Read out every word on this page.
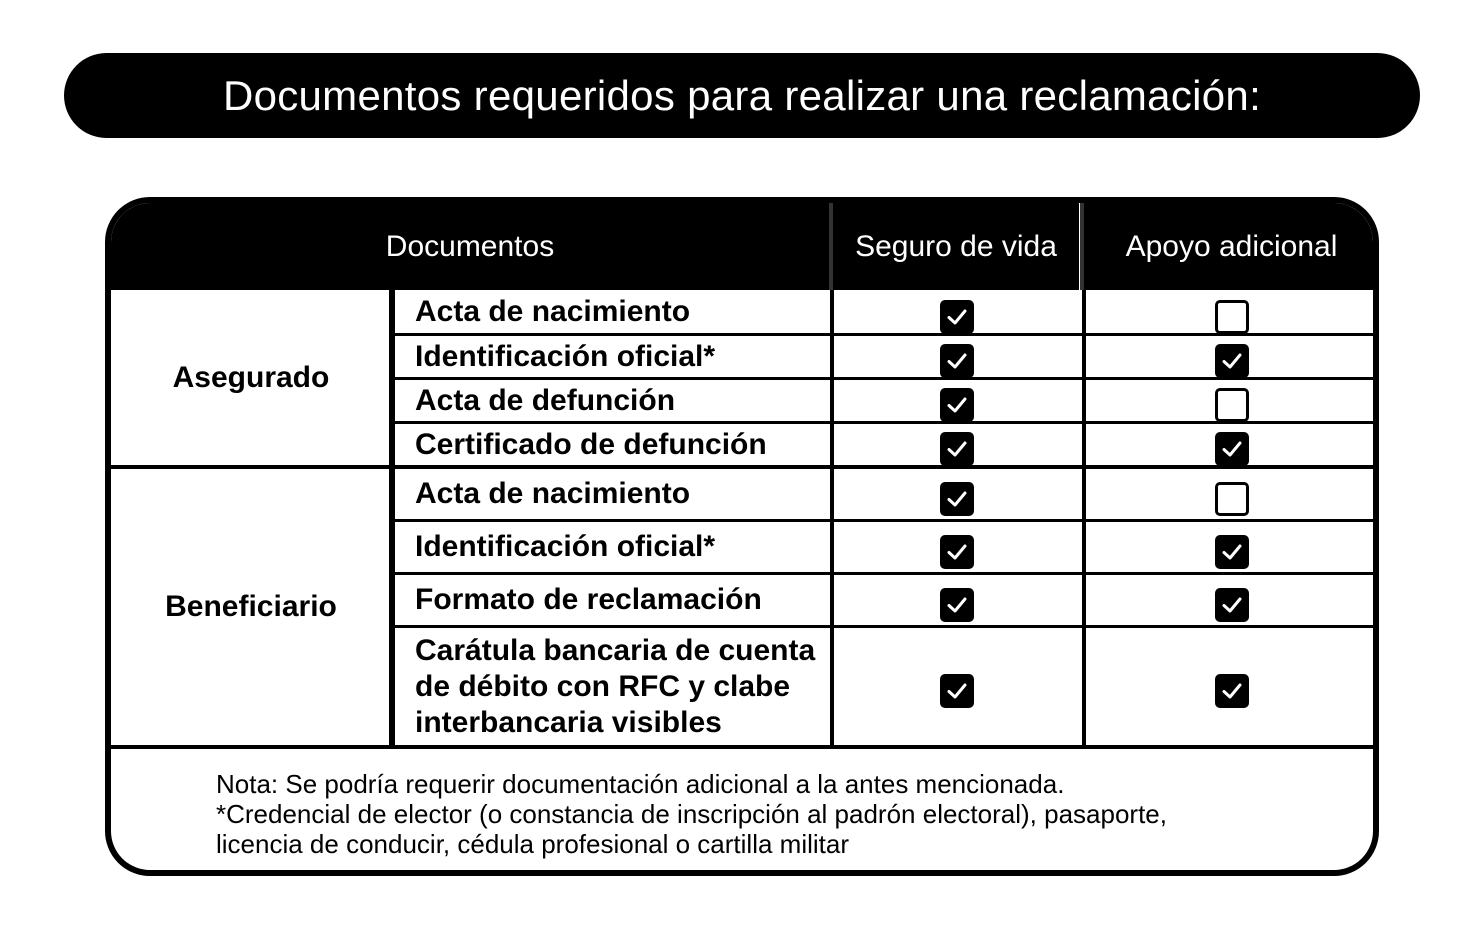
Documentos requeridos para realizar una reclamación:
Documentos	Seguro de vida	Apoyo adicional
Asegurado
Beneficiario
Acta de nacimiento
Identificación oficial*
Acta de defunción
Certificado de defunción
Acta de nacimiento
Identificación oficial*
Formato de reclamación
Carátula bancaria de cuenta de débito con RFC y clabe interbancaria visibles
Nota: Se podría requerir documentación adicional a la antes mencionada.
*Credencial de elector (o constancia de inscripción al padrón electoral), pasaporte,
licencia de conducir, cédula profesional o cartilla militar
